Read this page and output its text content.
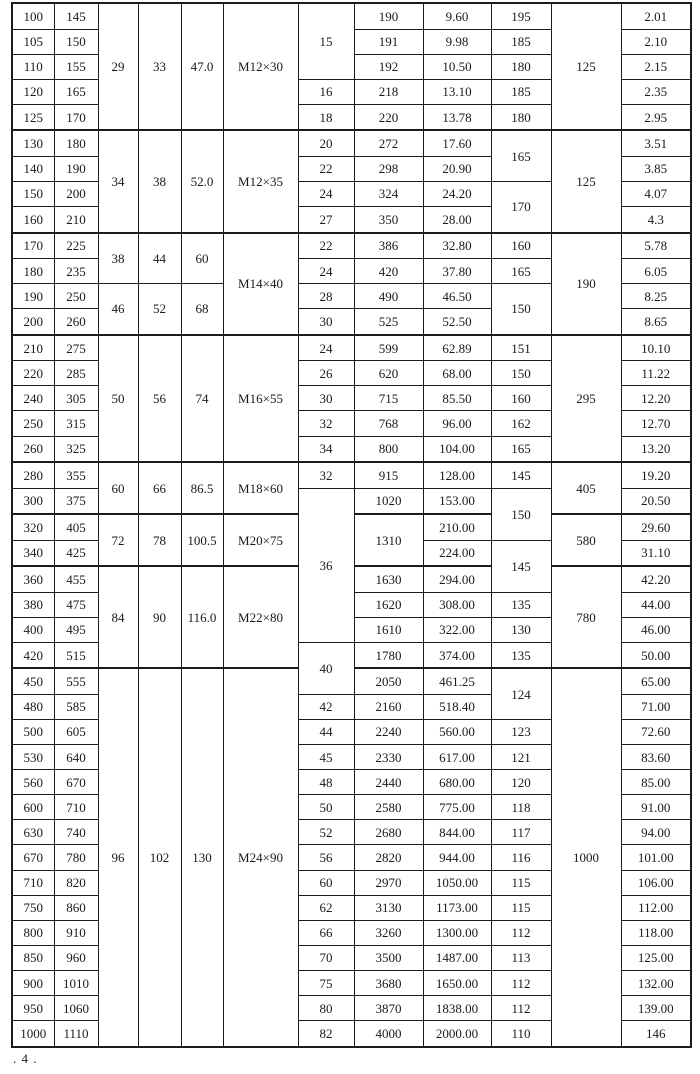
100	145	29	33	47.0	M12×30	15	190	9.60	195	125	2.01
105	150						191	9.98	185		2.10
110	155						192	10.50	180		2.15
120	165					16	218	13.10	185		2.35
125	170					18	220	13.78	180		2.95
130	180	34	38	52.0	M12×35	20	272	17.60	165	125	3.51
140	190					22	298	20.90			3.85
150	200					24	324	24.20	170		4.07
160	210					27	350	28.00			4.3
170	225	38	44	60	M14×40	22	386	32.80	160	190	5.78
180	235					24	420	37.80	165		6.05
190	250	46	52	68		28	490	46.50	150		8.25
200	260					30	525	52.50			8.65
210	275	50	56	74	M16×55	24	599	62.89	151	295	10.10
220	285					26	620	68.00	150		11.22
240	305					30	715	85.50	160		12.20
250	315					32	768	96.00	162		12.70
260	325					34	800	104.00	165		13.20
280	355	60	66	86.5	M18×60	32	915	128.00	145	405	19.20
300	375					36	1020	153.00	150		20.50
320	405	72	78	100.5	M20×75		1310	210.00		580	29.60
340	425							224.00	145		31.10
360	455	84	90	116.0	M22×80		1630	294.00		780	42.20
380	475						1620	308.00	135		44.00
400	495						1610	322.00	130		46.00
420	515					40	1780	374.00	135		50.00
450	555	96	102	130	M24×90		2050	461.25	124	1000	65.00
480	585					42	2160	518.40			71.00
500	605					44	2240	560.00	123		72.60
530	640					45	2330	617.00	121		83.60
560	670					48	2440	680.00	120		85.00
600	710					50	2580	775.00	118		91.00
630	740					52	2680	844.00	117		94.00
670	780					56	2820	944.00	116		101.00
710	820					60	2970	1050.00	115		106.00
750	860					62	3130	1173.00	115		112.00
800	910					66	3260	1300.00	112		118.00
850	960					70	3500	1487.00	113		125.00
900	1010					75	3680	1650.00	112		132.00
950	1060					80	3870	1838.00	112		139.00
1000	1110					82	4000	2000.00	110		146
. 4 .
